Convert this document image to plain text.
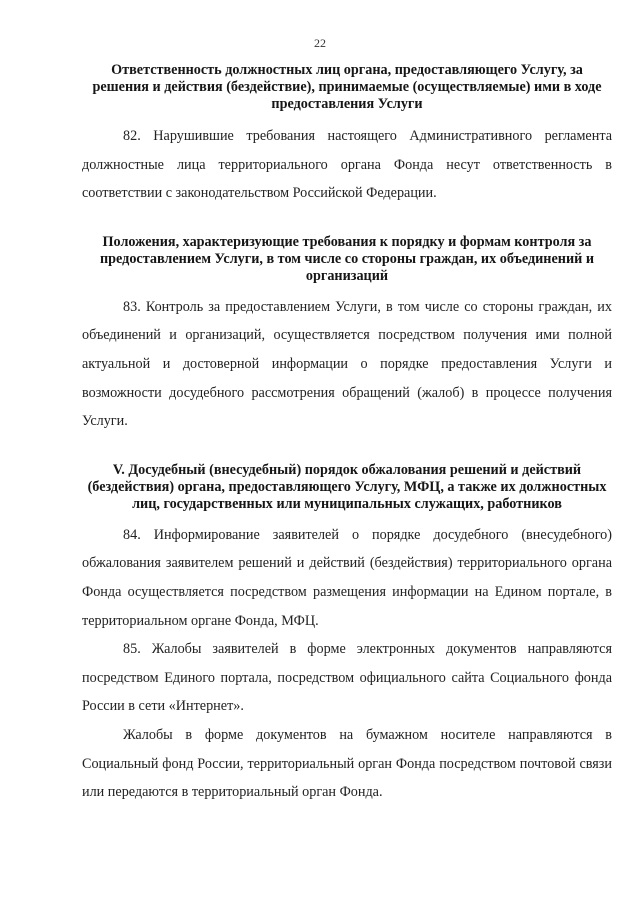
22
Ответственность должностных лиц органа, предоставляющего Услугу, за решения и действия (бездействие), принимаемые (осуществляемые) ими в ходе предоставления Услуги

82. Нарушившие требования настоящего Административного регламента должностные лица территориального органа Фонда несут ответственность в соответствии с законодательством Российской Федерации.

Положения, характеризующие требования к порядку и формам контроля за предоставлением Услуги, в том числе со стороны граждан, их объединений и организаций

83. Контроль за предоставлением Услуги, в том числе со стороны граждан, их объединений и организаций, осуществляется посредством получения ими полной актуальной и достоверной информации о порядке предоставления Услуги и возможности досудебного рассмотрения обращений (жалоб) в процессе получения Услуги.

V. Досудебный (внесудебный) порядок обжалования решений и действий (бездействия) органа, предоставляющего Услугу, МФЦ, а также их должностных лиц, государственных или муниципальных служащих, работников

84. Информирование заявителей о порядке досудебного (внесудебного) обжалования заявителем решений и действий (бездействия) территориального органа Фонда осуществляется посредством размещения информации на Едином портале, в территориальном органе Фонда, МФЦ.

85. Жалобы заявителей в форме электронных документов направляются посредством Единого портала, посредством официального сайта Социального фонда России в сети «Интернет».

Жалобы в форме документов на бумажном носителе направляются в Социальный фонд России, территориальный орган Фонда посредством почтовой связи или передаются в территориальный орган Фонда.
